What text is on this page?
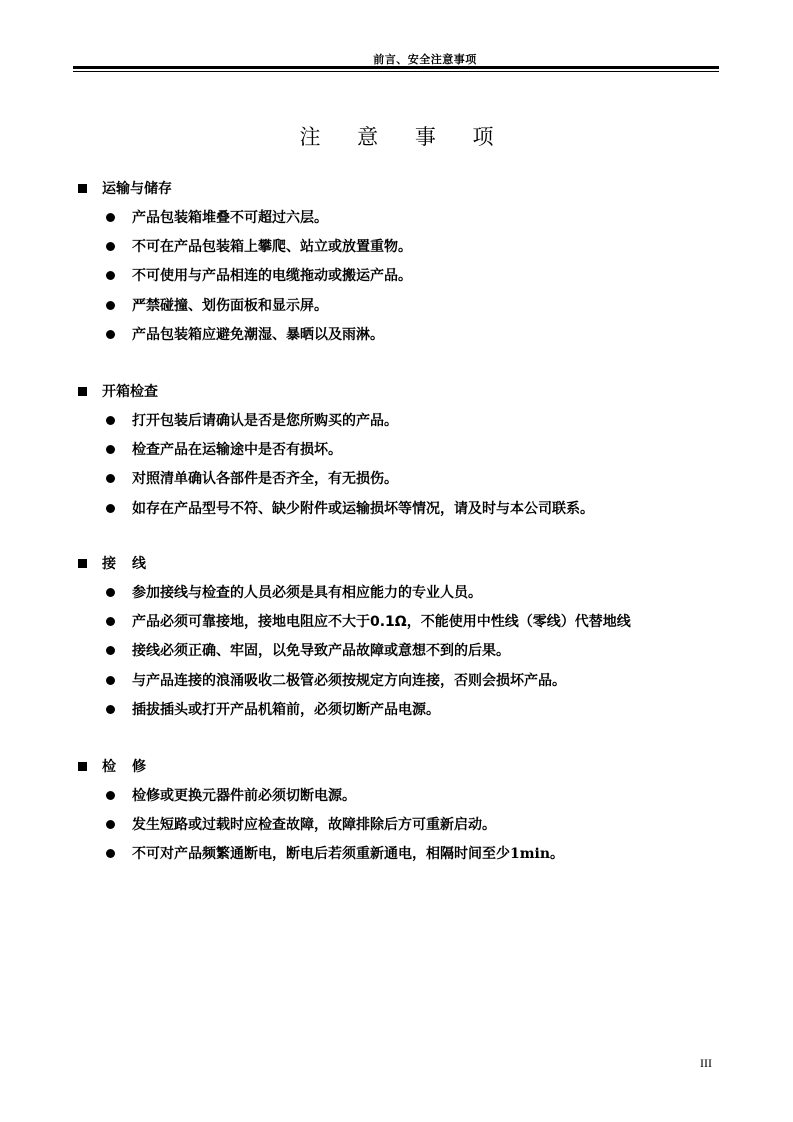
前言、安全注意事项
注 意 事 项
运输与储存
产品包装箱堆叠不可超过六层。
不可在产品包装箱上攀爬、站立或放置重物。
不可使用与产品相连的电缆拖动或搬运产品。
严禁碰撞、划伤面板和显示屏。
产品包装箱应避免潮湿、暴晒以及雨淋。
开箱检查
打开包装后请确认是否是您所购买的产品。
检查产品在运输途中是否有损坏。
对照清单确认各部件是否齐全，有无损伤。
如存在产品型号不符、缺少附件或运输损坏等情况，请及时与本公司联系。
接线
参加接线与检查的人员必须是具有相应能力的专业人员。
产品必须可靠接地，接地电阻应不大于0.1Ω，不能使用中性线（零线）代替地线
接线必须正确、牢固，以免导致产品故障或意想不到的后果。
与产品连接的浪涌吸收二极管必须按规定方向连接，否则会损坏产品。
插拔插头或打开产品机箱前，必须切断产品电源。
检修
检修或更换元器件前必须切断电源。
发生短路或过载时应检查故障，故障排除后方可重新启动。
不可对产品频繁通断电，断电后若须重新通电，相隔时间至少1min。
III
